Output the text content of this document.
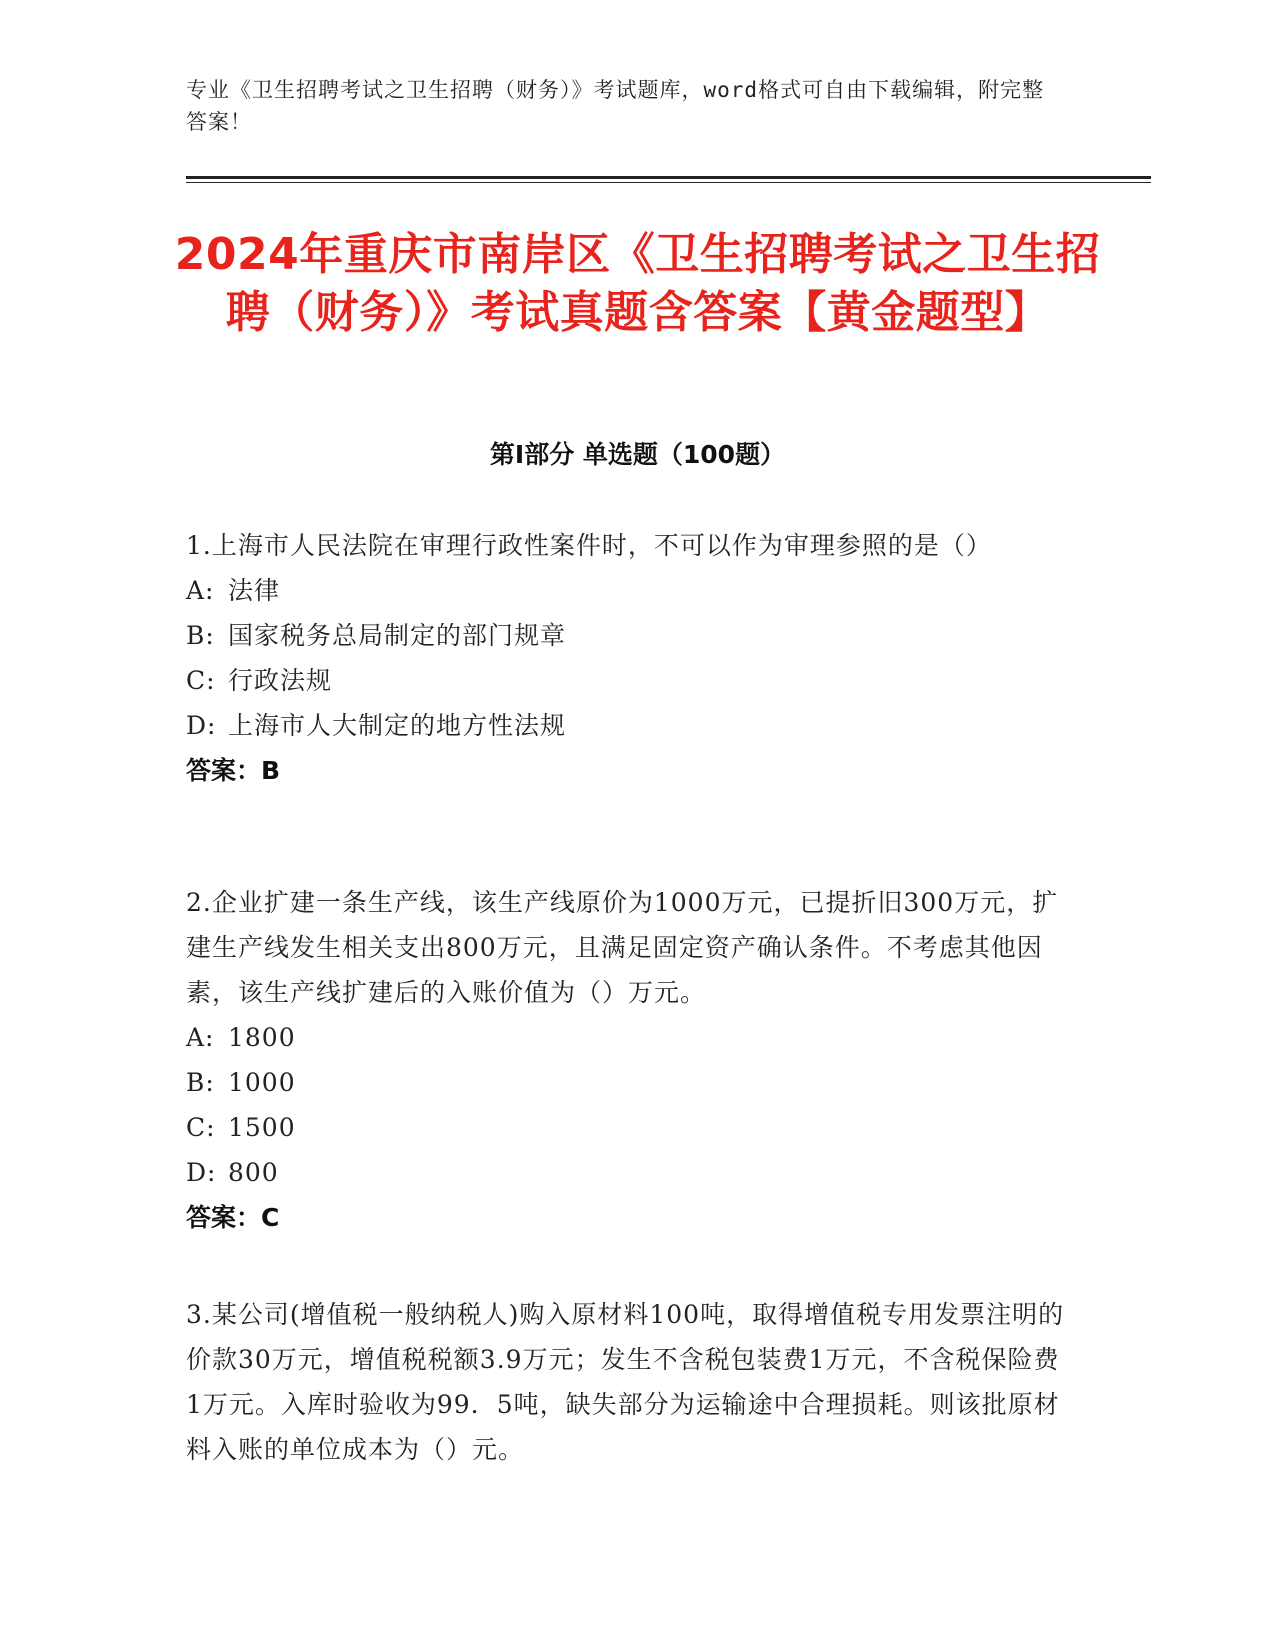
专业《卫生招聘考试之卫生招聘（财务）》考试题库，word格式可自由下载编辑，附完整答案！
2024年重庆市南岸区《卫生招聘考试之卫生招聘（财务）》考试真题含答案【黄金题型】
第I部分 单选题（100题）

1.上海市人民法院在审理行政性案件时，不可以作为审理参照的是（）

A: 法律

B: 国家税务总局制定的部门规章

C: 行政法规

D: 上海市人大制定的地方性法规

答案：B

2.企业扩建一条生产线，该生产线原价为1000万元，已提折旧300万元，扩建生产线发生相关支出800万元，且满足固定资产确认条件。不考虑其他因素，该生产线扩建后的入账价值为（）万元。

A: 1800

B: 1000

C: 1500

D: 800

答案：C

3.某公司(增值税一般纳税人)购入原材料100吨，取得增值税专用发票注明的价款30万元，增值税税额3.9万元；发生不含税包装费1万元，不含税保险费1万元。入库时验收为99．5吨，缺失部分为运输途中合理损耗。则该批原材料入账的单位成本为（）元。
